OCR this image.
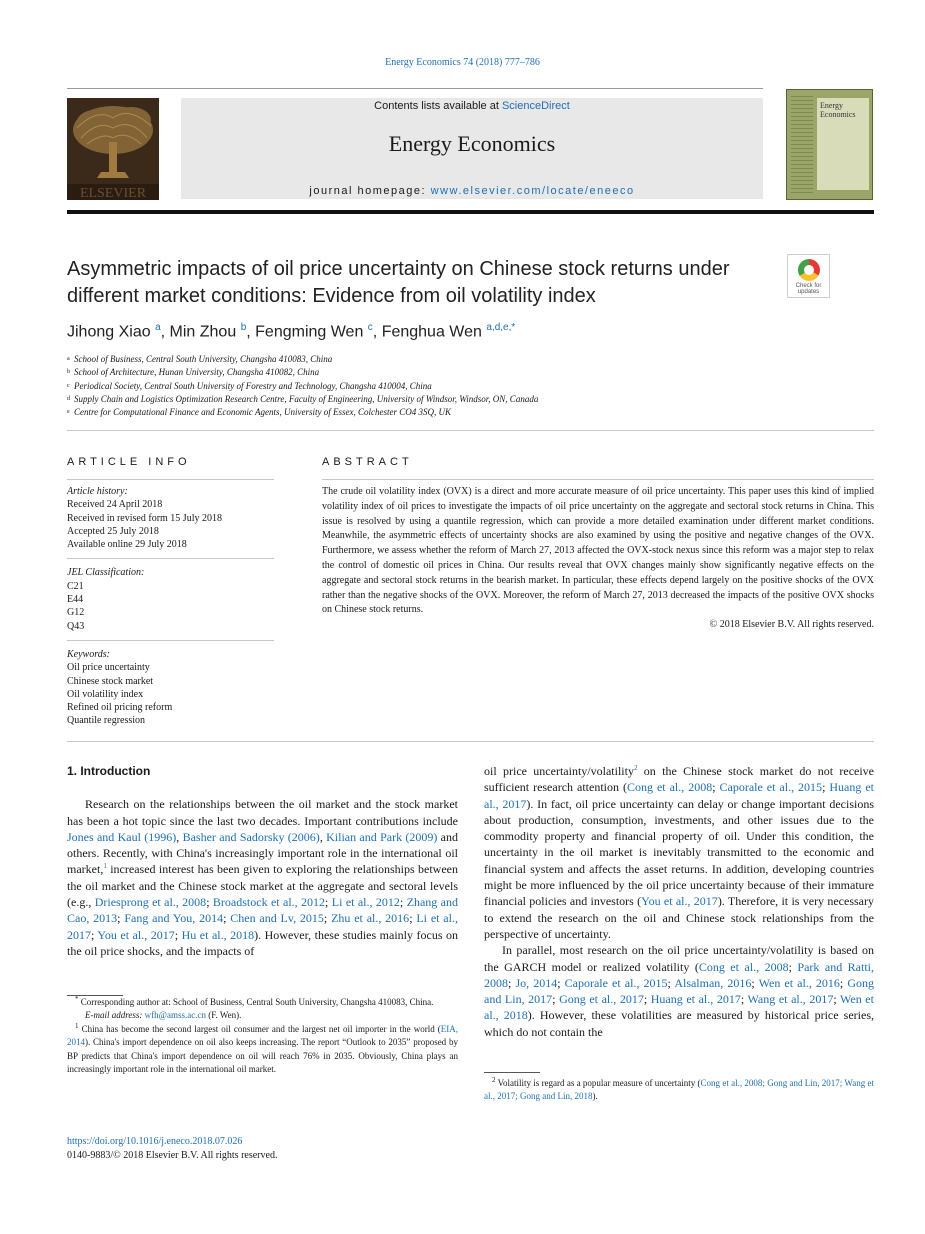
Energy Economics 74 (2018) 777–786
ELSEVIER
Contents lists available at ScienceDirect
Energy Economics
journal homepage: www.elsevier.com/locate/eneeco
Energy Economics
Asymmetric impacts of oil price uncertainty on Chinese stock returns under different market conditions: Evidence from oil volatility index	Check for updates
Jihong Xiao $^a$, Min Zhou $^b$, Fengming Wen $^c$, Fenghua Wen $^{a,d,e,*}$
a School of Business, Central South University, Changsha 410083, China
b School of Architecture, Hunan University, Changsha 410082, China
c Periodical Society, Central South University of Forestry and Technology, Changsha 410004, China
d Supply Chain and Logistics Optimization Research Centre, Faculty of Engineering, University of Windsor, Windsor, ON, Canada
e Centre for Computational Finance and Economic Agents, University of Essex, Colchester CO4 3SQ, UK
ARTICLE INFO	ABSTRACT
Article history:
Received 24 April 2018
Received in revised form 15 July 2018
Accepted 25 July 2018
Available online 29 July 2018
JEL Classification:
C21
E44
G12
Q43
Keywords:
Oil price uncertainty
Chinese stock market
Oil volatility index
Refined oil pricing reform
Quantile regression
The crude oil volatility index (OVX) is a direct and more accurate measure of oil price uncertainty. This paper uses this kind of implied volatility index of oil prices to investigate the impacts of oil price uncertainty on the aggregate and sectoral stock returns in China. This issue is resolved by using a quantile regression, which can provide a more detailed examination under different market conditions. Meanwhile, the asymmetric effects of uncertainty shocks are also examined by using the positive and negative changes of the OVX. Furthermore, we assess whether the reform of March 27, 2013 affected the OVX-stock nexus since this reform was a major step to relax the control of domestic oil prices in China. Our results reveal that OVX changes mainly show significantly negative effects on the aggregate and sectoral stock returns in the bearish market. In particular, these effects depend largely on the positive shocks of the OVX rather than the negative shocks of the OVX. Moreover, the reform of March 27, 2013 decreased the impacts of the positive OVX shocks on Chinese stock returns.
© 2018 Elsevier B.V. All rights reserved.
1. Introduction

Research on the relationships between the oil market and the stock market has been a hot topic since the last two decades. Important contributions include Jones and Kaul (1996), Basher and Sadorsky (2006), Kilian and Park (2009) and others. Recently, with China's increasingly important role in the international oil market,$^1$ increased interest has been given to exploring the relationships between the oil market and the Chinese stock market at the aggregate and sectoral levels (e.g., Driesprong et al., 2008; Broadstock et al., 2012; Li et al., 2012; Zhang and Cao, 2013; Fang and You, 2014; Chen and Lv, 2015; Zhu et al., 2016; Li et al., 2017; You et al., 2017; Hu et al., 2018). However, these studies mainly focus on the oil price shocks, and the impacts of

* Corresponding author at: School of Business, Central South University, Changsha 410083, China.

E-mail address: wfh@amss.ac.cn (F. Wen).

$^1$ China has become the second largest oil consumer and the largest net oil importer in the world (EIA, 2014). China's import dependence on oil also keeps increasing. The report “Outlook to 2035” proposed by BP predicts that China's import dependence on oil will reach 76% in 2035. Obviously, China plays an increasingly important role in the international oil market.

oil price uncertainty/volatility$^2$ on the Chinese stock market do not receive sufficient research attention (Cong et al., 2008; Caporale et al., 2015; Huang et al., 2017). In fact, oil price uncertainty can delay or change important decisions about production, consumption, investments, and other issues due to the commodity property and financial property of oil. Under this condition, the uncertainty in the oil market is inevitably transmitted to the economic and financial system and affects the asset returns. In addition, developing countries might be more influenced by the oil price uncertainty because of their immature financial policies and investors (You et al., 2017). Therefore, it is very necessary to extend the research on the oil and Chinese stock relationships from the perspective of uncertainty.

In parallel, most research on the oil price uncertainty/volatility is based on the GARCH model or realized volatility (Cong et al., 2008; Park and Ratti, 2008; Jo, 2014; Caporale et al., 2015; Alsalman, 2016; Wen et al., 2016; Gong and Lin, 2017; Gong et al., 2017; Huang et al., 2017; Wang et al., 2017; Wen et al., 2018). However, these volatilities are measured by historical price series, which do not contain the

$^2$ Volatility is regard as a popular measure of uncertainty (Cong et al., 2008; Gong and Lin, 2017; Wang et al., 2017; Gong and Lin, 2018).

https://doi.org/10.1016/j.eneco.2018.07.026
0140-9883/© 2018 Elsevier B.V. All rights reserved.
